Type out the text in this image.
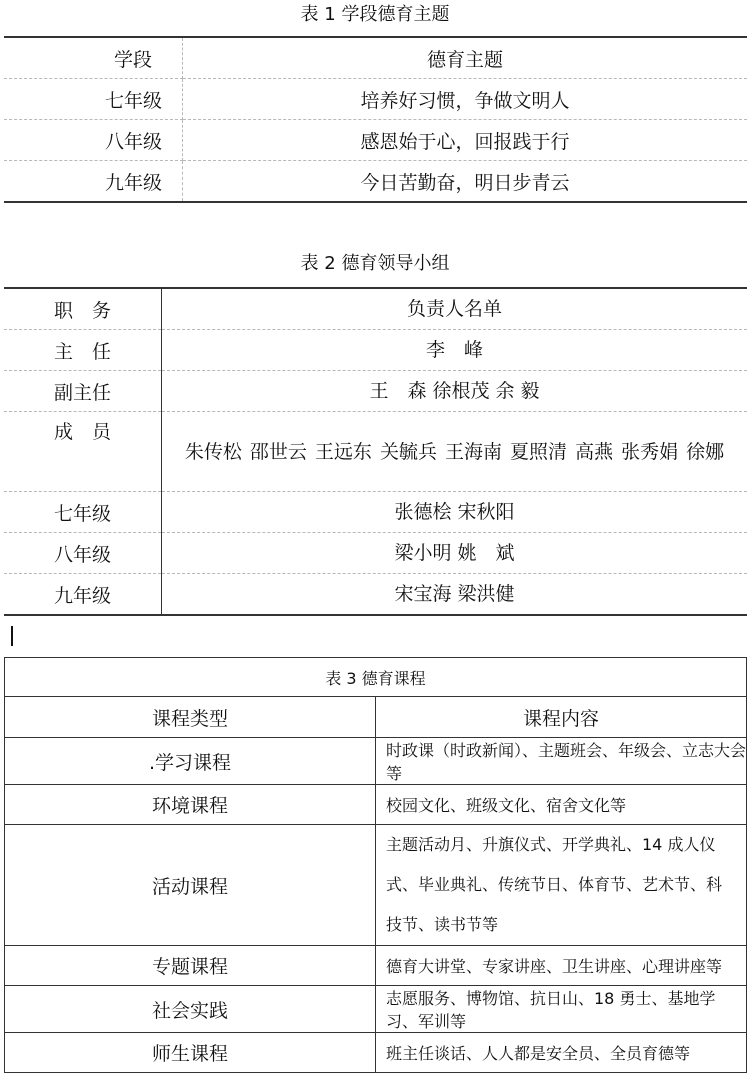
表 1 学段德育主题
学段	德育主题
七年级	培养好习惯，争做文明人
八年级	感恩始于心，回报践于行
九年级	今日苦勤奋，明日步青云
表 2 德育领导小组
职　务	负责人名单
主　任	李　峰
副主任	王　森 徐根茂 余 毅
成　员	朱传松 邵世云 王远东 关毓兵 王海南 夏照清 高燕 张秀娟 徐娜
七年级	张德桧 宋秋阳
八年级	梁小明 姚　斌
九年级	宋宝海 梁洪健
表 3 德育课程	
课程类型	课程内容
.学习课程	时政课（时政新闻）、主题班会、年级会、立志大会等
环境课程	校园文化、班级文化、宿舍文化等
活动课程	主题活动月、升旗仪式、开学典礼、14 成人仪式、毕业典礼、传统节日、体育节、艺术节、科技节、读书节等
专题课程	德育大讲堂、专家讲座、卫生讲座、心理讲座等
社会实践	志愿服务、博物馆、抗日山、18 勇士、基地学习、军训等
师生课程	班主任谈话、人人都是安全员、全员育德等
